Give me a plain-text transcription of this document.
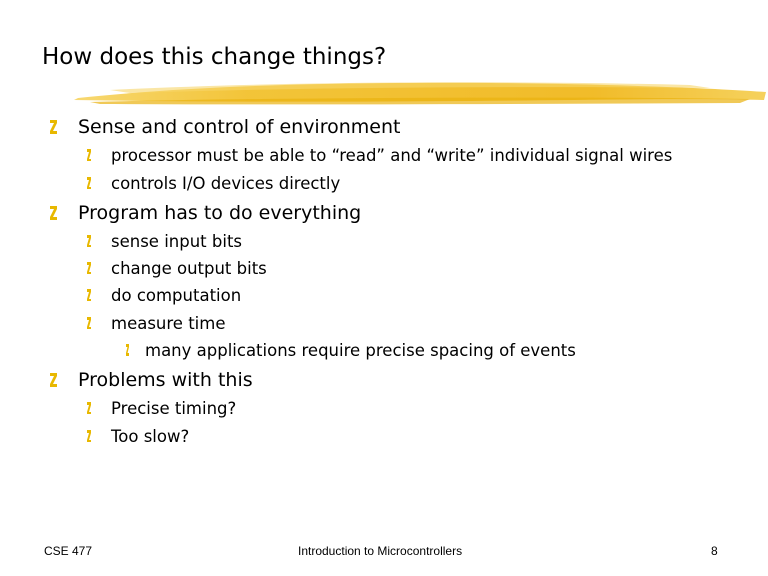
How does this change things?
Sense and control of environment
processor must be able to “read” and “write” individual signal wires
controls I/O devices directly
Program has to do everything
sense input bits
change output bits
do computation
measure time
many applications require precise spacing of events
Problems with this
Precise timing?
Too slow?
CSE 477	Introduction to Microcontrollers	8
